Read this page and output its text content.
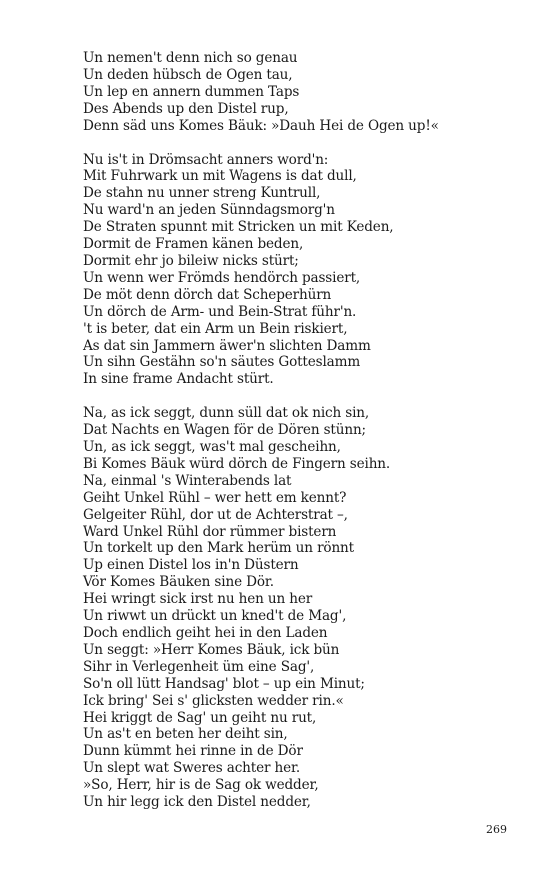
Un nemen't denn nich so genau
Un deden hübsch de Ogen tau,
Un lep en annern dummen Taps
Des Abends up den Distel rup,
Denn säd uns Komes Bäuk: »Dauh Hei de Ogen up!«
Nu is't in Drömsacht anners word'n:
Mit Fuhrwark un mit Wagens is dat dull,
De stahn nu unner streng Kuntrull,
Nu ward'n an jeden Sünndagsmorg'n
De Straten spunnt mit Stricken un mit Keden,
Dormit de Framen känen beden,
Dormit ehr jo bileiw nicks stürt;
Un wenn wer Frömds hendörch passiert,
De möt denn dörch dat Scheperhürn
Un dörch de Arm- und Bein-Strat führ'n.
't is beter, dat ein Arm un Bein riskiert,
As dat sin Jammern äwer'n slichten Damm
Un sihn Gestähn so'n säutes Gotteslamm
In sine frame Andacht stürt.
Na, as ick seggt, dunn süll dat ok nich sin,
Dat Nachts en Wagen för de Dören stünn;
Un, as ick seggt, was't mal gescheihn,
Bi Komes Bäuk würd dörch de Fingern seihn.
Na, einmal 's Winterabends lat
Geiht Unkel Rühl – wer hett em kennt?
Gelgeiter Rühl, dor ut de Achterstrat –,
Ward Unkel Rühl dor rümmer bistern
Un torkelt up den Mark herüm un rönnt
Up einen Distel los in'n Düstern
Vör Komes Bäuken sine Dör.
Hei wringt sick irst nu hen un her
Un riwwt un drückt un kned't de Mag',
Doch endlich geiht hei in den Laden
Un seggt: »Herr Komes Bäuk, ick bün
Sihr in Verlegenheit üm eine Sag',
So'n oll lütt Handsag' blot – up ein Minut;
Ick bring' Sei s' glicksten wedder rin.«
Hei kriggt de Sag' un geiht nu rut,
Un as't en beten her deiht sin,
Dunn kümmt hei rinne in de Dör
Un slept wat Sweres achter her.
»So, Herr, hir is de Sag ok wedder,
Un hir legg ick den Distel nedder,
269
